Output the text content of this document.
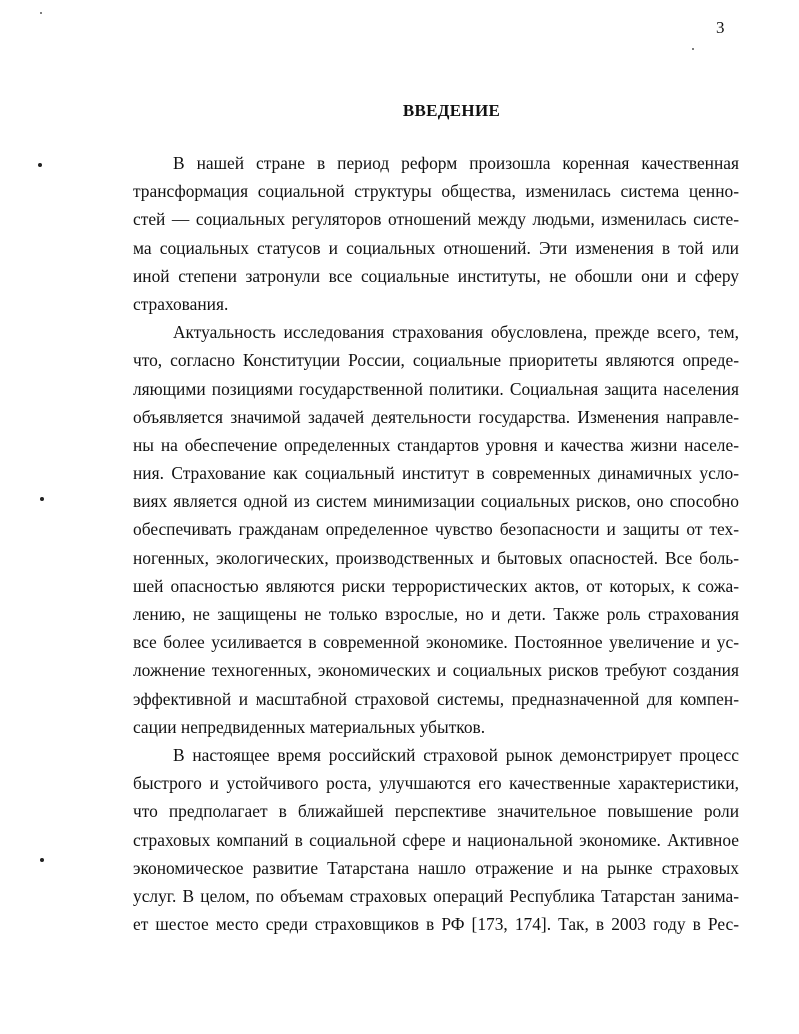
3
ВВЕДЕНИЕ
В нашей стране в период реформ произошла коренная качественная
трансформация социальной структуры общества, изменилась система ценно-
стей — социальных регуляторов отношений между людьми, изменилась систе-
ма социальных статусов и социальных отношений. Эти изменения в той или
иной степени затронули все социальные институты, не обошли они и сферу
страхования.
Актуальность исследования страхования обусловлена, прежде всего, тем,
что, согласно Конституции России, социальные приоритеты являются опреде-
ляющими позициями государственной политики. Социальная защита населения
объявляется значимой задачей деятельности государства. Изменения направле-
ны на обеспечение определенных стандартов уровня и качества жизни населе-
ния. Страхование как социальный институт в современных динамичных усло-
виях является одной из систем минимизации социальных рисков, оно способно
обеспечивать гражданам определенное чувство безопасности и защиты от тех-
ногенных, экологических, производственных и бытовых опасностей. Все боль-
шей опасностью являются риски террористических актов, от которых, к сожа-
лению, не защищены не только взрослые, но и дети. Также роль страхования
все более усиливается в современной экономике. Постоянное увеличение и ус-
ложнение техногенных, экономических и социальных рисков требуют создания
эффективной и масштабной страховой системы, предназначенной для компен-
сации непредвиденных материальных убытков.
В настоящее время российский страховой рынок демонстрирует процесс
быстрого и устойчивого роста, улучшаются его качественные характеристики,
что предполагает в ближайшей перспективе значительное повышение роли
страховых компаний в социальной сфере и национальной экономике. Активное
экономическое развитие Татарстана нашло отражение и на рынке страховых
услуг. В целом, по объемам страховых операций Республика Татарстан занима-
ет шестое место среди страховщиков в РФ [173, 174]. Так, в 2003 году в Рес-
